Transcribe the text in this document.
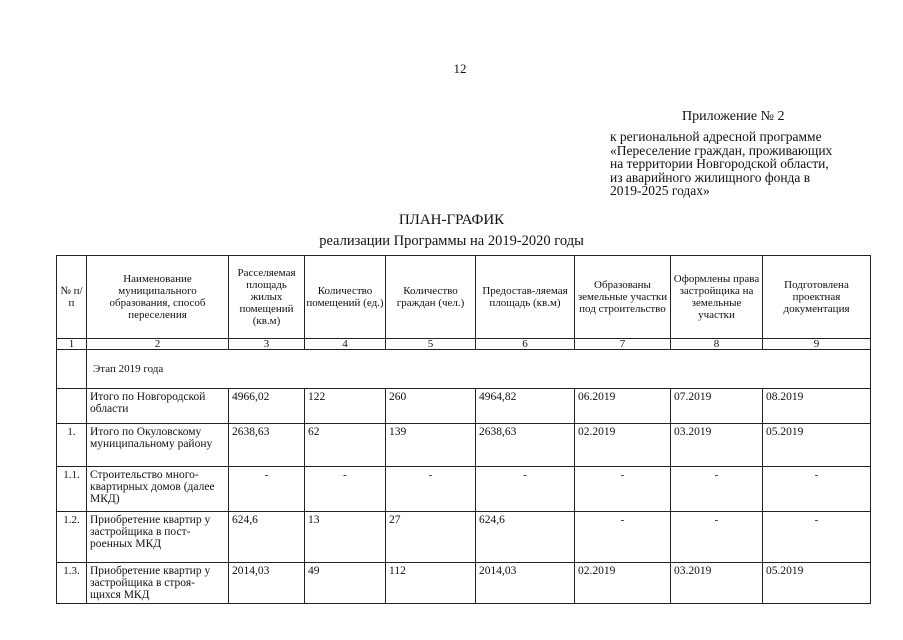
12
Приложение № 2
к региональной адресной программе
«Переселение граждан, проживающих
на территории Новгородской области,
из аварийного жилищного фонда в
2019-2025 годах»
ПЛАН-ГРАФИК
реализации Программы на 2019-2020 годы
№ п/п	Наименование муниципального образования, способ переселения	Расселяемая площадь жилых помещений (кв.м)	Количество помещений (ед.)	Количество граждан (чел.)	Предостав-ляемая площадь (кв.м)	Образованы земельные участки под строительство	Оформлены права застройщика на земельные участки	Подготовлена проектная документация
1	2	3	4	5	6	7	8	9
	Этап 2019 года							
	Итого по Новгородской области	4966,02	122	260	4964,82	06.2019	07.2019	08.2019
1.	Итого по Окуловскому муниципальному району	2638,63	62	139	2638,63	02.2019	03.2019	05.2019
1.1.	Строительство много-квартирных домов (далее МКД)	-	-	-	-	-	-	-
1.2.	Приобретение квартир у застройщика в пост-роенных МКД	624,6	13	27	624,6	-	-	-
1.3.	Приобретение квартир у застройщика в строя-щихся МКД	2014,03	49	112	2014,03	02.2019	03.2019	05.2019
